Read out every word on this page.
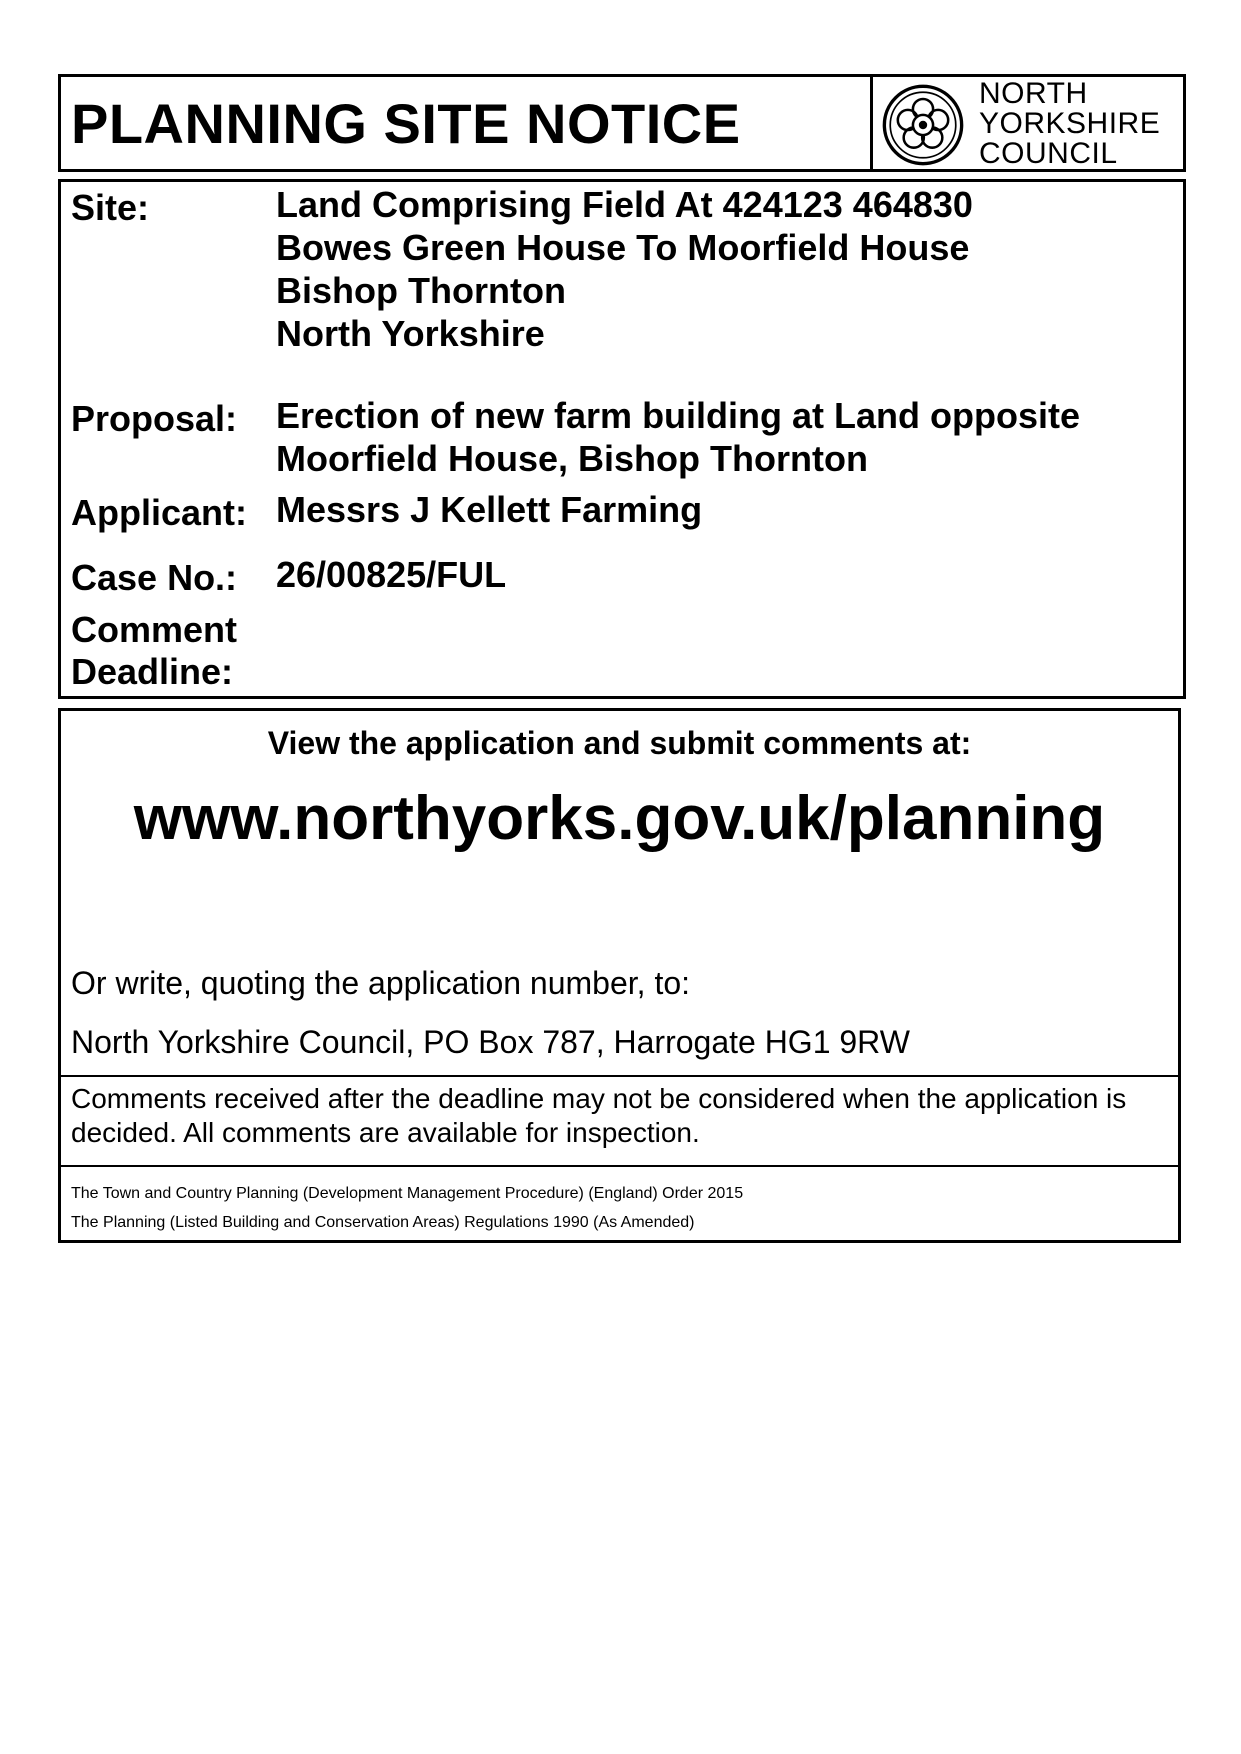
PLANNING SITE NOTICE	NORTH
YORKSHIRE
COUNCIL
Site:	Land Comprising Field At 424123 464830
Bowes Green House To Moorfield House
Bishop Thornton
North Yorkshire
Proposal: Erection of new farm building at Land opposite
Moorfield House, Bishop Thornton
Applicant: Messrs J Kellett Farming
Case No.: 26/00825/FUL
Comment
Deadline:
View the application and submit comments at:
www.northyorks.gov.uk/planning
Or write, quoting the application number, to:
North Yorkshire Council, PO Box 787, Harrogate HG1 9RW
Comments received after the deadline may not be considered when the application is decided. All comments are available for inspection.
The Town and Country Planning (Development Management Procedure) (England) Order 2015
The Planning (Listed Building and Conservation Areas) Regulations 1990 (As Amended)
